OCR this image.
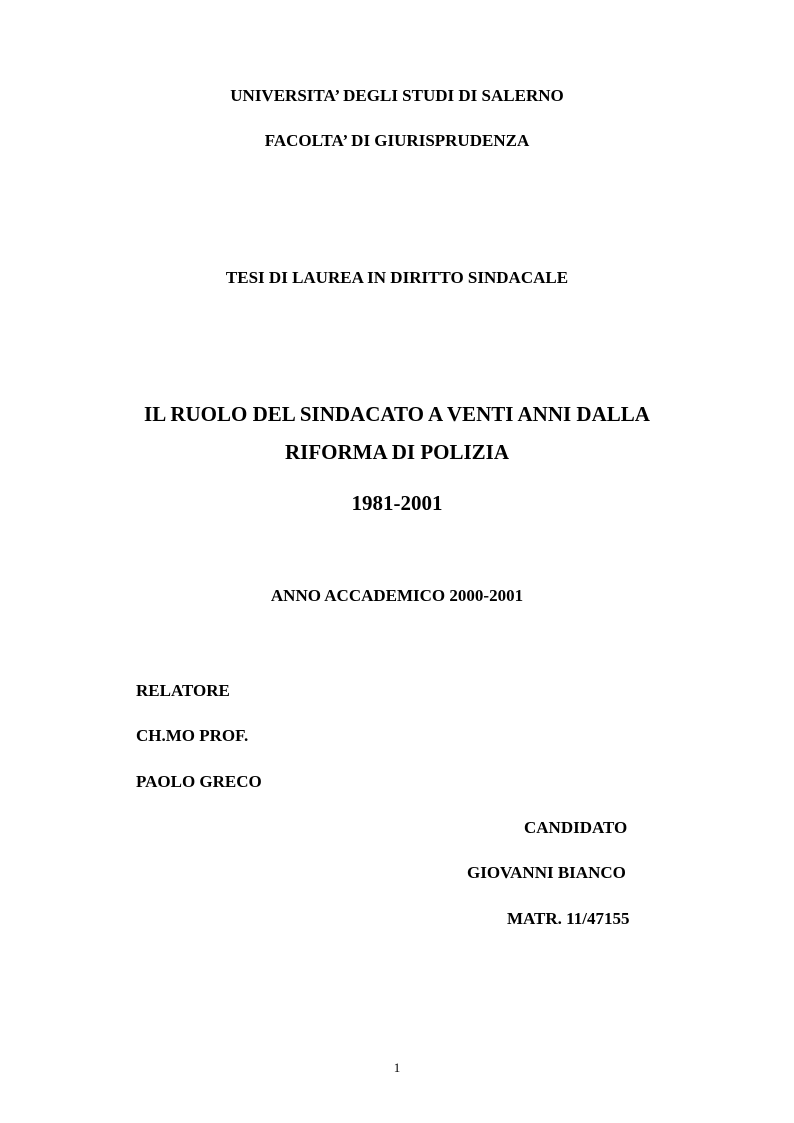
UNIVERSITA’ DEGLI STUDI DI SALERNO
FACOLTA’ DI GIURISPRUDENZA
TESI DI LAUREA IN DIRITTO SINDACALE
IL RUOLO DEL SINDACATO A VENTI ANNI DALLA
RIFORMA DI POLIZIA
1981-2001
ANNO ACCADEMICO 2000-2001
RELATORE
CH.MO PROF.
PAOLO GRECO
CANDIDATO
GIOVANNI BIANCO
MATR. 11/47155
1
